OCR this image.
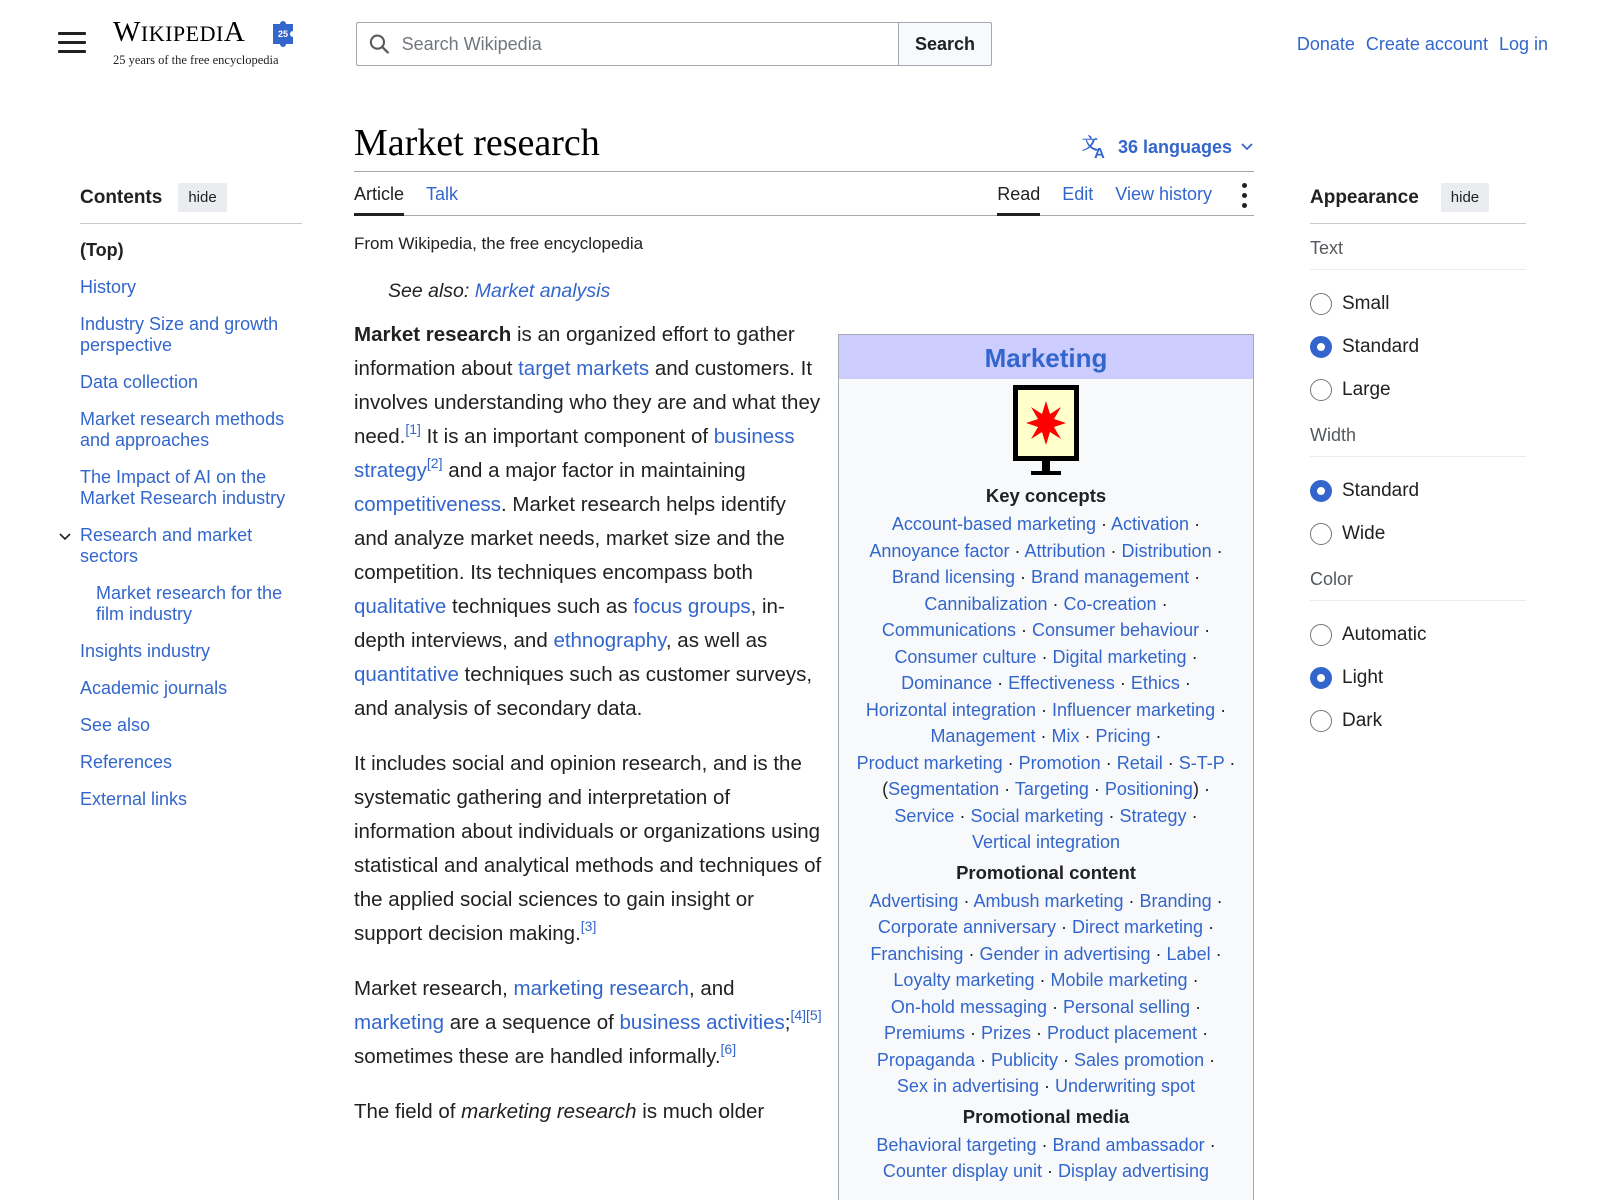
WIKIPEDIA	25
25 years of the free encyclopedia
Search Wikipedia
Search	Donate Create account Log in
Contents	hide
(Top)
History
Industry Size and growth perspective
Data collection
Market research methods and approaches
The Impact of AI on the Market Research industry
Research and market sectors
Market research for the film industry
Insights industry
Academic journals
See also
References
External links
Market research	文
A 36 languages
Article Talk	Read Edit View history
From Wikipedia, the free encyclopedia
See also: Market analysis

Market research is an organized effort to gather information about target markets and customers. It involves understanding who they are and what they need.[1] It is an important component of business strategy[2] and a major factor in maintaining competitiveness. Market research helps identify and analyze market needs, market size and the competition. Its techniques encompass both qualitative techniques such as focus groups, in-depth interviews, and ethnography, as well as quantitative techniques such as customer surveys, and analysis of secondary data.

It includes social and opinion research, and is the systematic gathering and interpretation of information about individuals or organizations using statistical and analytical methods and techniques of the applied social sciences to gain insight or support decision making.[3]

Market research, marketing research, and marketing are a sequence of business activities;[4][5] sometimes these are handled informally.[6]

The field of marketing research is much older

Marketing
Key concepts
Account-based marketing · Activation ·
Annoyance factor · Attribution · Distribution ·
Brand licensing · Brand management ·
Cannibalization · Co-creation ·
Communications · Consumer behaviour ·
Consumer culture · Digital marketing ·
Dominance · Effectiveness · Ethics ·
Horizontal integration · Influencer marketing ·
Management · Mix · Pricing ·
Product marketing · Promotion · Retail · S-T-P ·
(Segmentation · Targeting · Positioning) ·
Service · Social marketing · Strategy ·
Vertical integration
Promotional content
Advertising · Ambush marketing · Branding ·
Corporate anniversary · Direct marketing ·
Franchising · Gender in advertising · Label ·
Loyalty marketing · Mobile marketing ·
On-hold messaging · Personal selling ·
Premiums · Prizes · Product placement ·
Propaganda · Publicity · Sales promotion ·
Sex in advertising · Underwriting spot
Promotional media
Behavioral targeting · Brand ambassador ·
Counter display unit · Display advertising
Appearance	hide
Text
Small
Standard
Large
Width
Standard
Wide
Color
Automatic
Light
Dark
